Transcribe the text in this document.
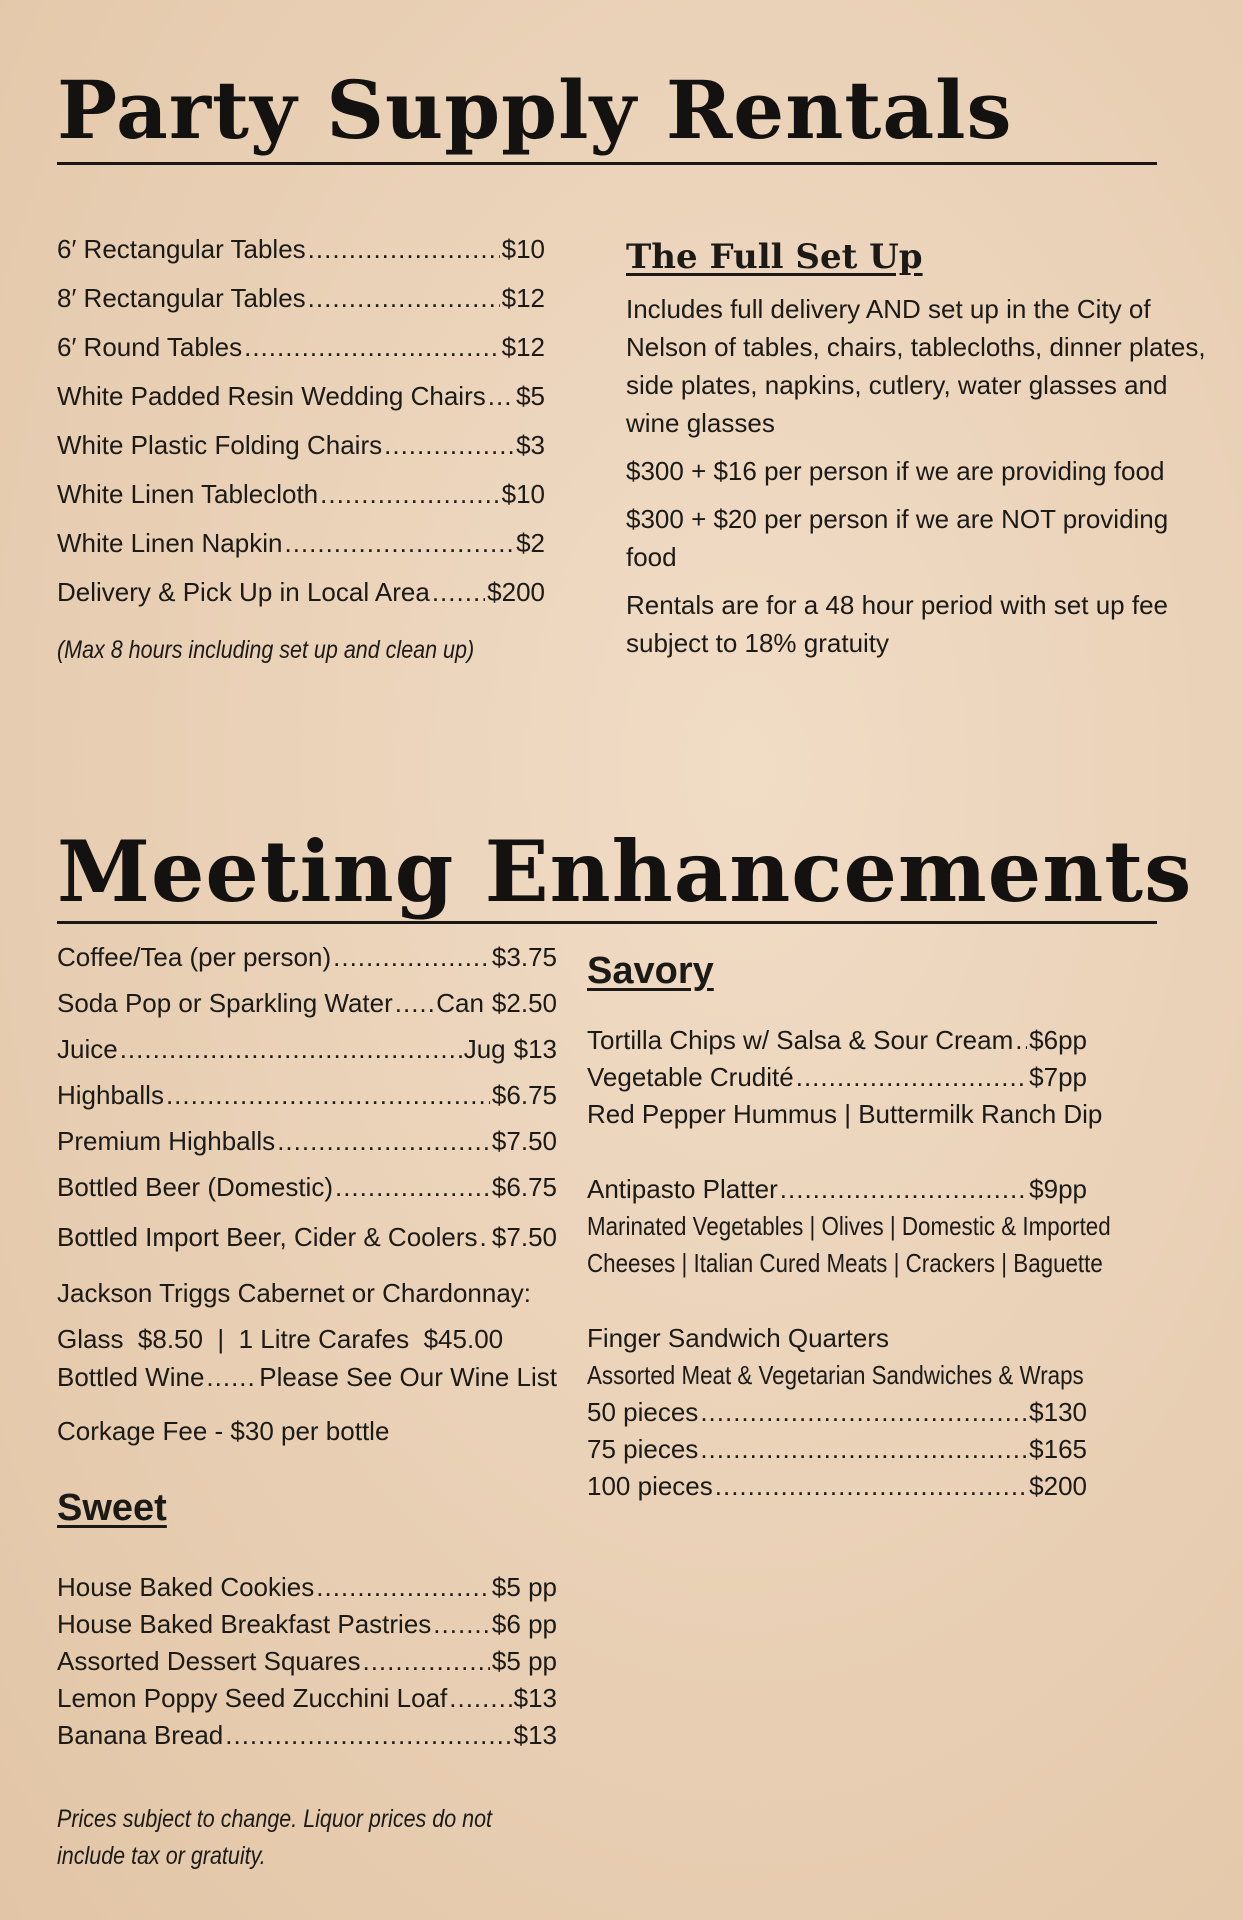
Party Supply Rentals
6′ Rectangular Tables .....	$10
8′ Rectangular Tables .....	$12
6′ Round Tables .....	$12
White Padded Resin Wedding Chairs ..... $5
White Plastic Folding Chairs .....	$3
White Linen Tablecloth .....	$10
White Linen Napkin .....	$2
Delivery & Pick Up in Local Area ..... $200
(Max 8 hours including set up and clean up)
The Full Set Up
Includes full delivery AND set up in the City of Nelson of tables, chairs, tablecloths, dinner plates, side plates, napkins, cutlery, water glasses and wine glasses
$300 + $16 per person if we are providing food
$300 + $20 per person if we are NOT providing food
Rentals are for a 48 hour period with set up fee subject to 18% gratuity
Meeting Enhancements
Coffee/Tea (per person) .....	$3.75
Soda Pop or Sparkling Water ..... Can $2.50
Juice .....	Jug $13
Highballs .....	$6.75
Premium Highballs .....	$7.50
Bottled Beer (Domestic) .....	$6.75
Bottled Import Beer, Cider & Coolers ..... $7.50
Jackson Triggs Cabernet or Chardonnay:
Glass  $8.50  |  1 Litre Carafes  $45.00
Bottled Wine ..... Please See Our Wine List
Corkage Fee - $30 per bottle
Sweet
House Baked Cookies .....	$5 pp
House Baked Breakfast Pastries ..... $6 pp
Assorted Dessert Squares .....	$5 pp
Lemon Poppy Seed Zucchini Loaf .....	$13
Banana Bread .....	$13
Prices subject to change. Liquor prices do not
include tax or gratuity.
Savory
Tortilla Chips w/ Salsa & Sour Cream ..... $6pp
Vegetable Crudité .....	$7pp
Red Pepper Hummus | Buttermilk Ranch Dip
Antipasto Platter .....	$9pp
Marinated Vegetables | Olives | Domestic & Imported
Cheeses | Italian Cured Meats | Crackers | Baguette
Finger Sandwich Quarters
Assorted Meat & Vegetarian Sandwiches & Wraps
50 pieces .....	$130
75 pieces .....	$165
100 pieces .....	$200
